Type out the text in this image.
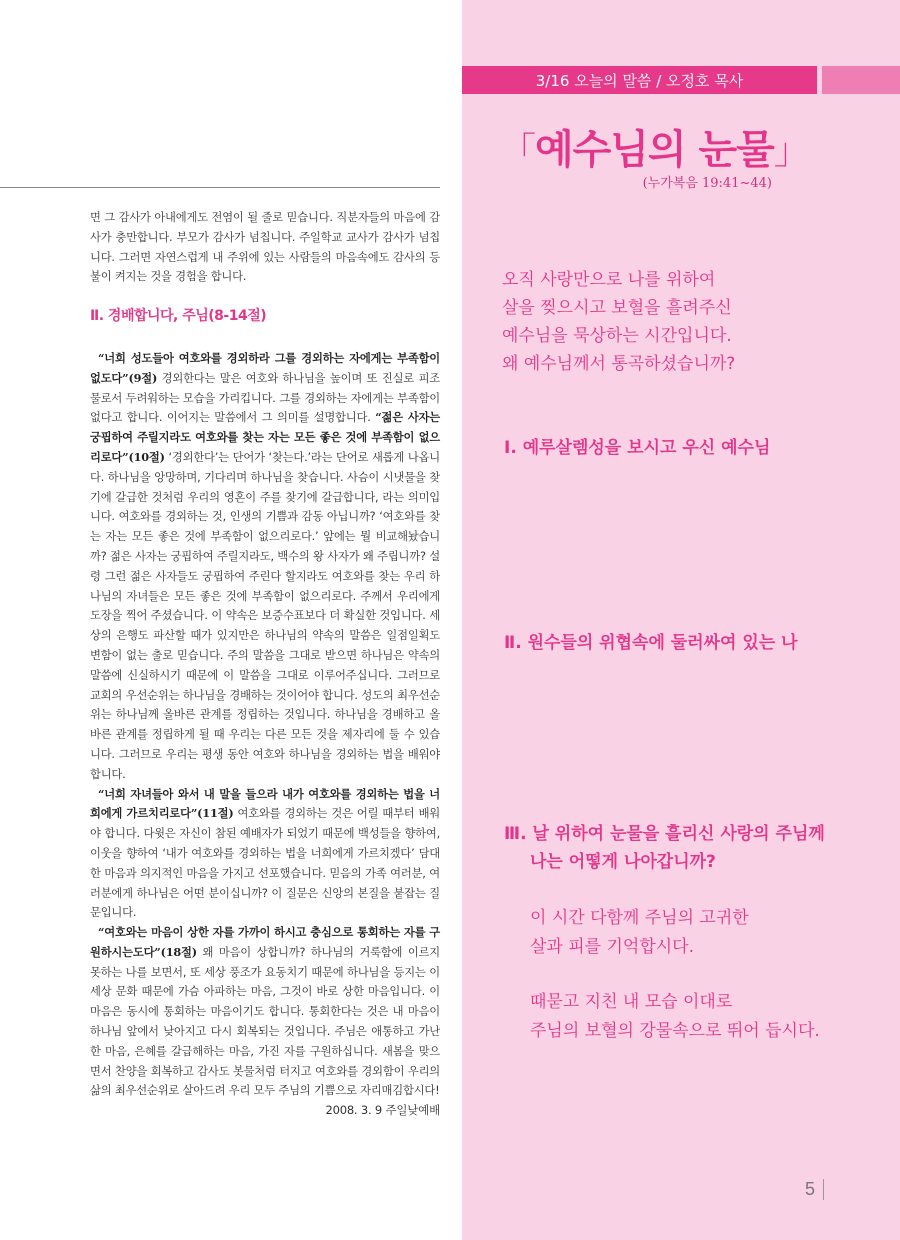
3/16 오늘의 말씀 / 오정호 목사
「예수님의 눈물」
(누가복음 19:41~44)
오직 사랑만으로 나를 위하여
살을 찢으시고 보혈을 흘려주신
예수님을 묵상하는 시간입니다.
왜 예수님께서 통곡하셨습니까?
Ⅰ. 예루살렘성을 보시고 우신 예수님
Ⅱ. 원수들의 위협속에 둘러싸여 있는 나
Ⅲ. 날 위하여 눈물을 흘리신 사랑의 주님께
나는 어떻게 나아갑니까?
이 시간 다함께 주님의 고귀한
살과 피를 기억합시다.
때묻고 지친 내 모습 이대로
주님의 보혈의 강물속으로 뛰어 듭시다.
5

면 그 감사가 아내에게도 전염이 될 줄로 믿습니다. 직분자들의 마음에 감사가 충만합니다. 부모가 감사가 넘칩니다. 주일학교 교사가 감사가 넘칩니다. 그러면 자연스럽게 내 주위에 있는 사람들의 마음속에도 감사의 등불이 켜지는 것을 경험을 합니다.

Ⅱ. 경배합니다, 주님(8-14절)

“너희 성도들아 여호와를 경외하라 그를 경외하는 자에게는 부족함이 없도다”(9절) 경외한다는 말은 여호와 하나님을 높이며 또 진실로 피조물로서 두려워하는 모습을 가리킵니다. 그를 경외하는 자에게는 부족함이 없다고 합니다. 이어지는 말씀에서 그 의미를 설명합니다. “젊은 사자는 궁핍하여 주릴지라도 여호와를 찾는 자는 모든 좋은 것에 부족함이 없으리로다”(10절) ‘경외한다’는 단어가 ‘찾는다.’라는 단어로 새롭게 나옵니다. 하나님을 앙망하며, 기다리며 하나님을 찾습니다. 사슴이 시냇물을 찾기에 갈급한 것처럼 우리의 영혼이 주를 찾기에 갈급합니다, 라는 의미입니다. 여호와를 경외하는 것, 인생의 기쁨과 감동 아닙니까? ‘여호와를 찾는 자는 모든 좋은 것에 부족함이 없으리로다.’ 앞에는 뭘 비교해놨습니까? 젊은 사자는 궁핍하여 주릴지라도, 백수의 왕 사자가 왜 주립니까? 설령 그런 젊은 사자들도 궁핍하여 주린다 할지라도 여호와를 찾는 우리 하나님의 자녀들은 모든 좋은 것에 부족함이 없으리로다. 주께서 우리에게 도장을 찍어 주셨습니다. 이 약속은 보증수표보다 더 확실한 것입니다. 세상의 은행도 파산할 때가 있지만은 하나님의 약속의 말씀은 일점일획도 변함이 없는 출로 믿습니다. 주의 말씀을 그대로 받으면 하나님은 약속의 말씀에 신실하시기 때문에 이 말씀을 그대로 이루어주십니다. 그러므로 교회의 우선순위는 하나님을 경배하는 것이어야 합니다. 성도의 최우선순위는 하나님께 올바른 관계를 정립하는 것입니다. 하나님을 경배하고 올바른 관계를 정립하게 될 때 우리는 다른 모든 것을 제자리에 둘 수 있습니다. 그러므로 우리는 평생 동안 여호와 하나님을 경외하는 법을 배워야 합니다.

“너희 자녀들아 와서 내 말을 들으라 내가 여호와를 경외하는 법을 너희에게 가르치리로다”(11절) 여호와를 경외하는 것은 어릴 때부터 배워야 합니다. 다윗은 자신이 참된 예배자가 되었기 때문에 백성들을 향하여, 이웃을 향하여 ‘내가 여호와를 경외하는 법을 너희에게 가르치겠다’ 담대한 마음과 의지적인 마음을 가지고 선포했습니다. 믿음의 가족 여러분, 여러분에게 하나님은 어떤 분이십니까? 이 질문은 신앙의 본질을 붙잡는 질문입니다.

“여호와는 마음이 상한 자를 가까이 하시고 충심으로 통회하는 자를 구원하시는도다”(18절) 왜 마음이 상합니까? 하나님의 거룩함에 이르지 못하는 나를 보면서, 또 세상 풍조가 요동치기 때문에 하나님을 등지는 이 세상 문화 때문에 가슴 아파하는 마음, 그것이 바로 상한 마음입니다. 이 마음은 동시에 통회하는 마음이기도 합니다. 통회한다는 것은 내 마음이 하나님 앞에서 낮아지고 다시 회복되는 것입니다. 주님은 애통하고 가난한 마음, 은혜를 갈급해하는 마음, 가진 자를 구원하십니다. 새봄을 맞으면서 찬양을 회복하고 감사도 봇물처럼 터지고 여호와를 경외함이 우리의 삶의 최우선순위로 살아드려 우리 모두 주님의 기쁨으로 자리매김합시다!

2008. 3. 9 주일낮예배
